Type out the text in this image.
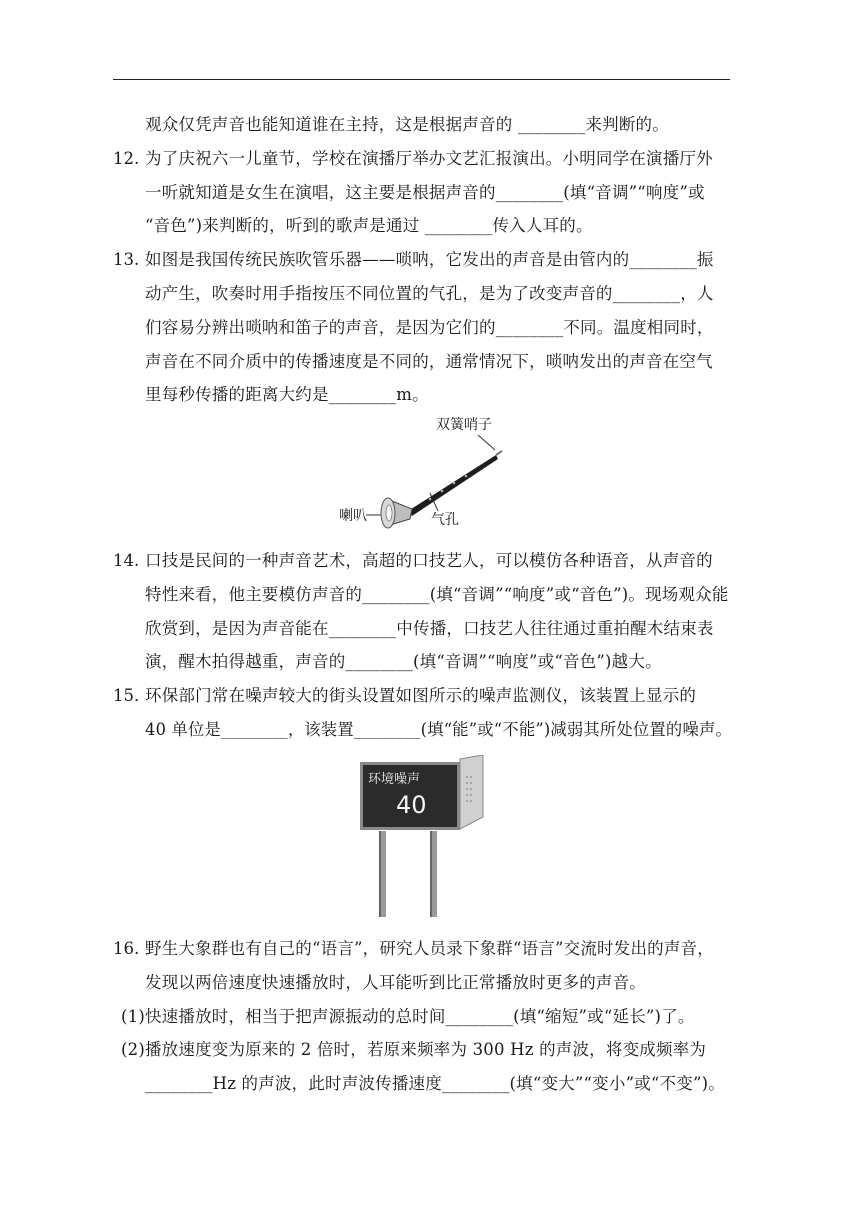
观众仅凭声音也能知道谁在主持，这是根据声音的 ________来判断的。
12. 为了庆祝六一儿童节，学校在演播厅举办文艺汇报演出。小明同学在演播厅外
一听就知道是女生在演唱，这主要是根据声音的________(填“音调”“响度”或
“音色”)来判断的，听到的歌声是通过 ________传入人耳的。
13. 如图是我国传统民族吹管乐器——唢呐，它发出的声音是由管内的________振
动产生，吹奏时用手指按压不同位置的气孔，是为了改变声音的________，人
们容易分辨出唢呐和笛子的声音，是因为它们的________不同。温度相同时，
声音在不同介质中的传播速度是不同的，通常情况下，唢呐发出的声音在空气
里每秒传播的距离大约是________m。
双簧哨子
喇叭	气孔
14. 口技是民间的一种声音艺术，高超的口技艺人，可以模仿各种语音，从声音的
特性来看，他主要模仿声音的________(填“音调”“响度”或“音色”)。现场观众能
欣赏到，是因为声音能在________中传播，口技艺人往往通过重拍醒木结束表
演，醒木拍得越重，声音的________(填“音调”“响度”或“音色”)越大。
15．
环保部门常在噪声较大的街头设置如图所示的噪声监测仪，该装置上显示的
40 单位是________，该装置________(填“能”或“不能”)减弱其所处位置的噪声。
环境噪声
40
16. 野生大象群也有自己的“语言”，研究人员录下象群“语言”交流时发出的声音，
发现以两倍速度快速播放时，人耳能听到比正常播放时更多的声音。
(1)快速播放时，相当于把声源振动的总时间________(填“缩短”或“延长”)了。
(2)播放速度变为原来的 2 倍时，若原来频率为 300 Hz 的声波，将变成频率为
________Hz 的声波，此时声波传播速度________(填“变大”“变小”或“不变”)。
